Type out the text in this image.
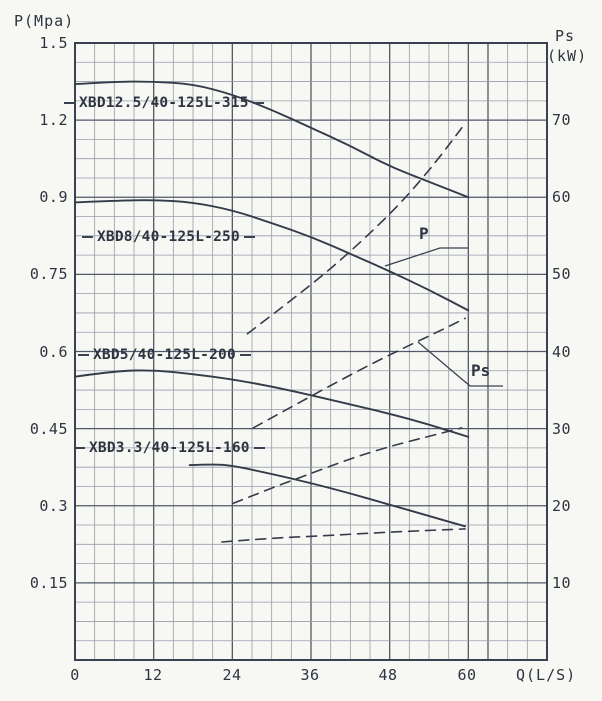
P(Mpa)
Ps
(kW)
Q(L/S)
1.5
1.2
0.9
0.75
0.6
0.45
0.3
0.15
70
60
50
40
30
20
10
0	12	24	36	48	60
XBD12.5/40-125L-315
XBD8/40-125L-250
XBD5/40-125L-200
XBD3.3/40-125L-160
P
Ps
